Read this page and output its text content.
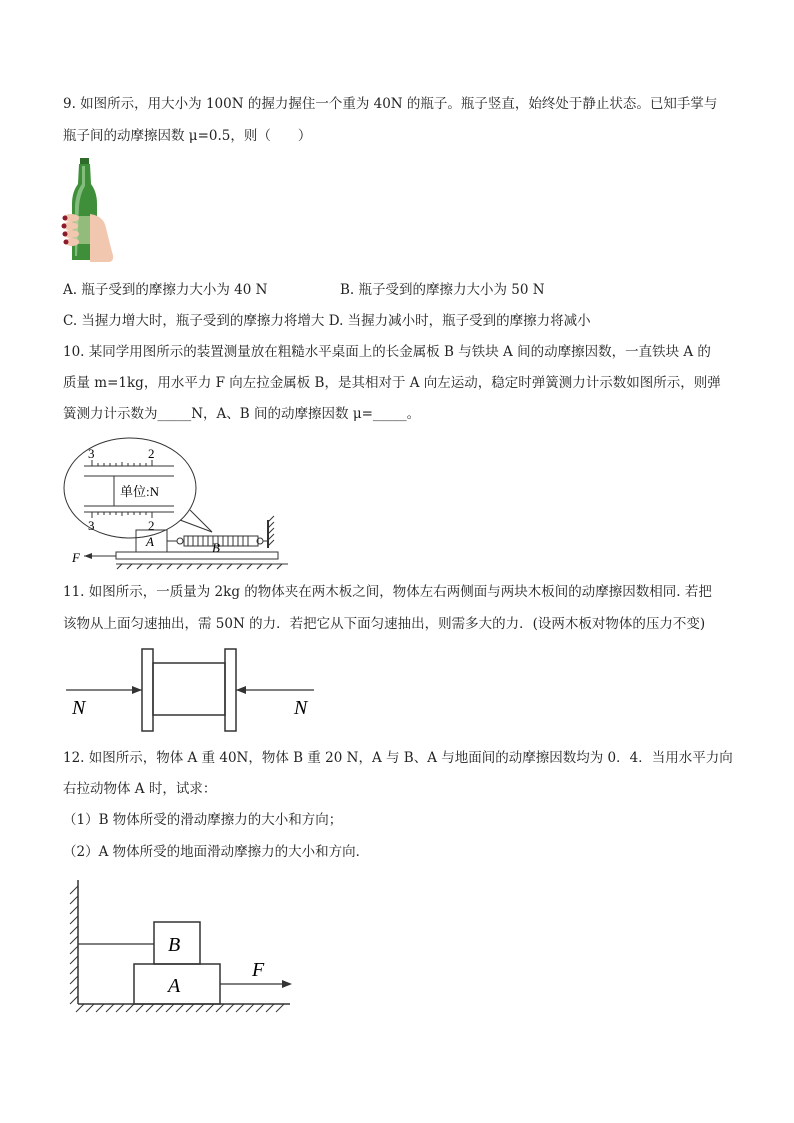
9. 如图所示，用大小为 100N 的握力握住一个重为 40N 的瓶子。瓶子竖直，始终处于静止状态。已知手掌与
瓶子间的动摩擦因数 μ=0.5，则（　　）
A. 瓶子受到的摩擦力大小为 40 N	B. 瓶子受到的摩擦力大小为 50 N
C. 当握力增大时，瓶子受到的摩擦力将增大 D. 当握力减小时，瓶子受到的摩擦力将减小
10. 某同学用图所示的装置测量放在粗糙水平桌面上的长金属板 B 与铁块 A 间的动摩擦因数，一直铁块 A 的
质量 m=1kg，用水平力 F 向左拉金属板 B，是其相对于 A 向左运动，稳定时弹簧测力计示数如图所示，则弹
簧测力计示数为_____N，A、B 间的动摩擦因数 μ=_____。
3	2
单位:N
3	2
A	B
F
11. 如图所示，一质量为 2kg 的物体夹在两木板之间，物体左右两侧面与两块木板间的动摩擦因数相同. 若把
该物从上面匀速抽出，需 50N 的力．若把它从下面匀速抽出，则需多大的力．(设两木板对物体的压力不变)
N	N
12. 如图所示，物体 A 重 40N，物体 B 重 20 N，A 与 B、A 与地面间的动摩擦因数均为 0．4．当用水平力向
右拉动物体 A 时，试求：
（1）B 物体所受的滑动摩擦力的大小和方向；
（2）A 物体所受的地面滑动摩擦力的大小和方向．
B
A
F
